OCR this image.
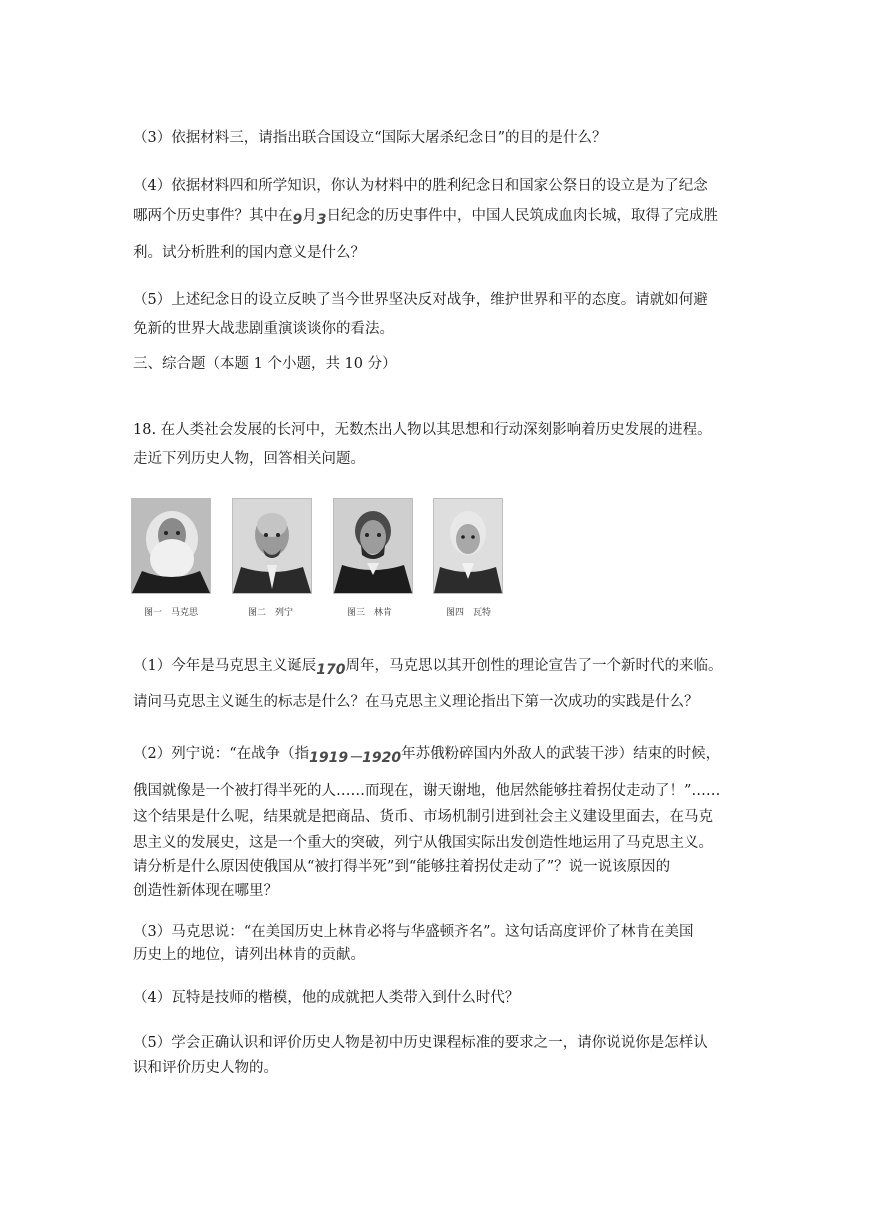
（3）依据材料三，请指出联合国设立“国际大屠杀纪念日”的目的是什么？
（4）依据材料四和所学知识，你认为材料中的胜利纪念日和国家公祭日的设立是为了纪念
哪两个历史事件？其中在9月3日纪念的历史事件中，中国人民筑成血肉长城，取得了完成胜
利。试分析胜利的国内意义是什么？
（5）上述纪念日的设立反映了当今世界坚决反对战争，维护世界和平的态度。请就如何避
免新的世界大战悲剧重演谈谈你的看法。
三、综合题（本题 1 个小题，共 10 分）
18. 在人类社会发展的长河中，无数杰出人物以其思想和行动深刻影响着历史发展的进程。
走近下列历史人物，回答相关问题。
图一　马克思	图二　列宁	图三　林肯	图四　瓦特
（1）今年是马克思主义诞辰170周年，马克思以其开创性的理论宣告了一个新时代的来临。
请问马克思主义诞生的标志是什么？在马克思主义理论指出下第一次成功的实践是什么？
（2）列宁说：“在战争（指1919－1920年苏俄粉碎国内外敌人的武装干涉）结束的时候，
俄国就像是一个被打得半死的人……而现在，谢天谢地，他居然能够拄着拐仗走动了！”……
这个结果是什么呢，结果就是把商品、货币、市场机制引进到社会主义建设里面去，在马克
思主义的发展史，这是一个重大的突破，列宁从俄国实际出发创造性地运用了马克思主义。
请分析是什么原因使俄国从“被打得半死”到“能够拄着拐仗走动了”？说一说该原因的
创造性新体现在哪里？
（3）马克思说：“在美国历史上林肯必将与华盛顿齐名”。这句话高度评价了林肯在美国
历史上的地位，请列出林肯的贡献。
（4）瓦特是技师的楷模，他的成就把人类带入到什么时代？
（5）学会正确认识和评价历史人物是初中历史课程标准的要求之一，请你说说你是怎样认
识和评价历史人物的。
